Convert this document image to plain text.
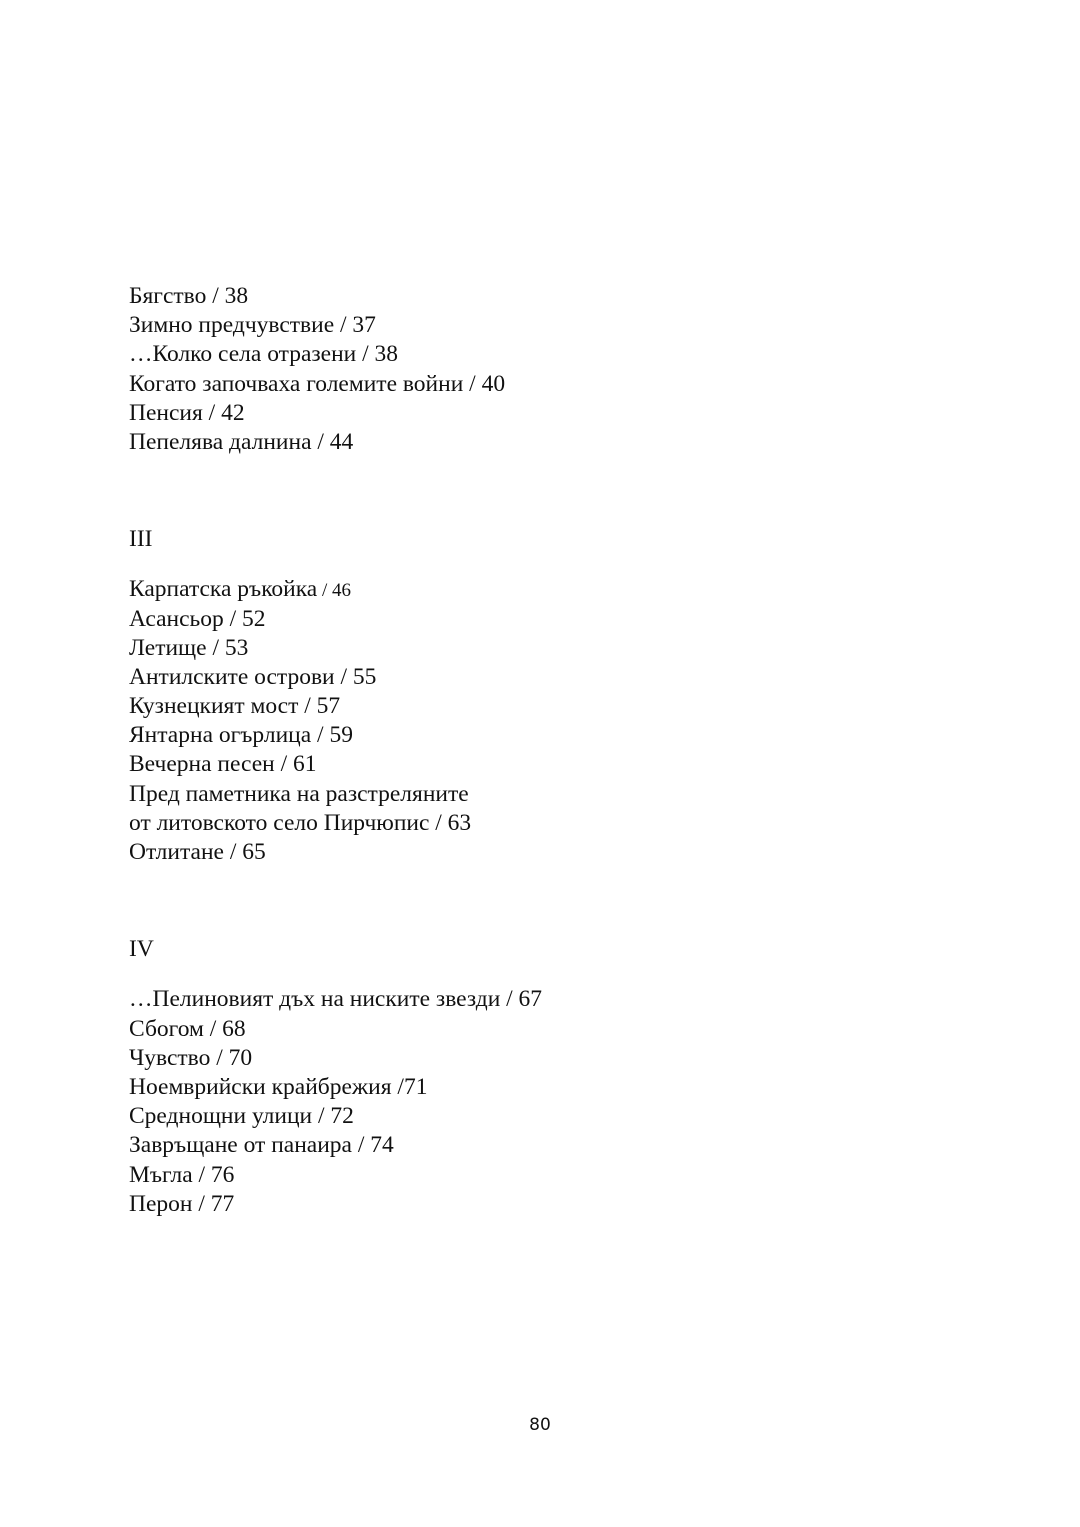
Бягство / 38
Зимно предчувствие / 37
…Колко села отразени / 38
Когато започваха големите войни / 40
Пенсия / 42
Пепелява далнина / 44
III
Карпатска ръкойка / 46
Асансьор / 52
Летище / 53
Антилските острови / 55
Кузнецкият мост / 57
Янтарна огърлица / 59
Вечерна песен / 61
Пред паметника на разстреляните
от литовското село Пирчюпис / 63
Отлитане / 65
IV
…Пелиновият дъх на ниските звезди / 67
Сбогом / 68
Чувство / 70
Ноемврийски крайбрежия /71
Среднощни улици / 72
Завръщане от панаира / 74
Мъгла / 76
Перон / 77
80
